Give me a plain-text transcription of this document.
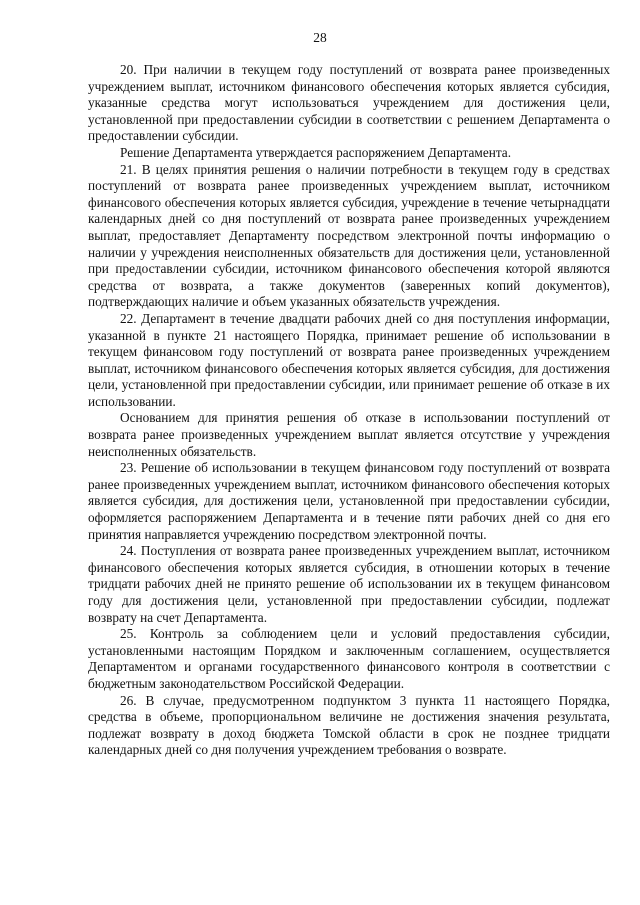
28

20. При наличии в текущем году поступлений от возврата ранее произведенных учреждением выплат, источником финансового обеспечения которых является субсидия, указанные средства могут использоваться учреждением для достижения цели, установленной при предоставлении субсидии в соответствии с решением Департамента о предоставлении субсидии.

Решение Департамента утверждается распоряжением Департамента.

21. В целях принятия решения о наличии потребности в текущем году в средствах поступлений от возврата ранее произведенных учреждением выплат, источником финансового обеспечения которых является субсидия, учреждение в течение четырнадцати календарных дней со дня поступлений от возврата ранее произведенных учреждением выплат, предоставляет Департаменту посредством электронной почты информацию о наличии у учреждения неисполненных обязательств для достижения цели, установленной при предоставлении субсидии, источником финансового обеспечения которой являются средства от возврата, а также документов (заверенных копий документов), подтверждающих наличие и объем указанных обязательств учреждения.

22. Департамент в течение двадцати рабочих дней со дня поступления информации, указанной в пункте 21 настоящего Порядка, принимает решение об использовании в текущем финансовом году поступлений от возврата ранее произведенных учреждением выплат, источником финансового обеспечения которых является субсидия, для достижения цели, установленной при предоставлении субсидии, или принимает решение об отказе в их использовании.

Основанием для принятия решения об отказе в использовании поступлений от возврата ранее произведенных учреждением выплат является отсутствие у учреждения неисполненных обязательств.

23. Решение об использовании в текущем финансовом году поступлений от возврата ранее произведенных учреждением выплат, источником финансового обеспечения которых является субсидия, для достижения цели, установленной при предоставлении субсидии, оформляется распоряжением Департамента и в течение пяти рабочих дней со дня его принятия направляется учреждению посредством электронной почты.

24. Поступления от возврата ранее произведенных учреждением выплат, источником финансового обеспечения которых является субсидия, в отношении которых в течение тридцати рабочих дней не принято решение об использовании их в текущем финансовом году для достижения цели, установленной при предоставлении субсидии, подлежат возврату на счет Департамента.

25. Контроль за соблюдением цели и условий предоставления субсидии, установленными настоящим Порядком и заключенным соглашением, осуществляется Департаментом и органами государственного финансового контроля в соответствии с бюджетным законодательством Российской Федерации.

26. В случае, предусмотренном подпунктом 3 пункта 11 настоящего Порядка, средства в объеме, пропорциональном величине не достижения значения результата, подлежат возврату в доход бюджета Томской области в срок не позднее тридцати календарных дней со дня получения учреждением требования о возврате.
